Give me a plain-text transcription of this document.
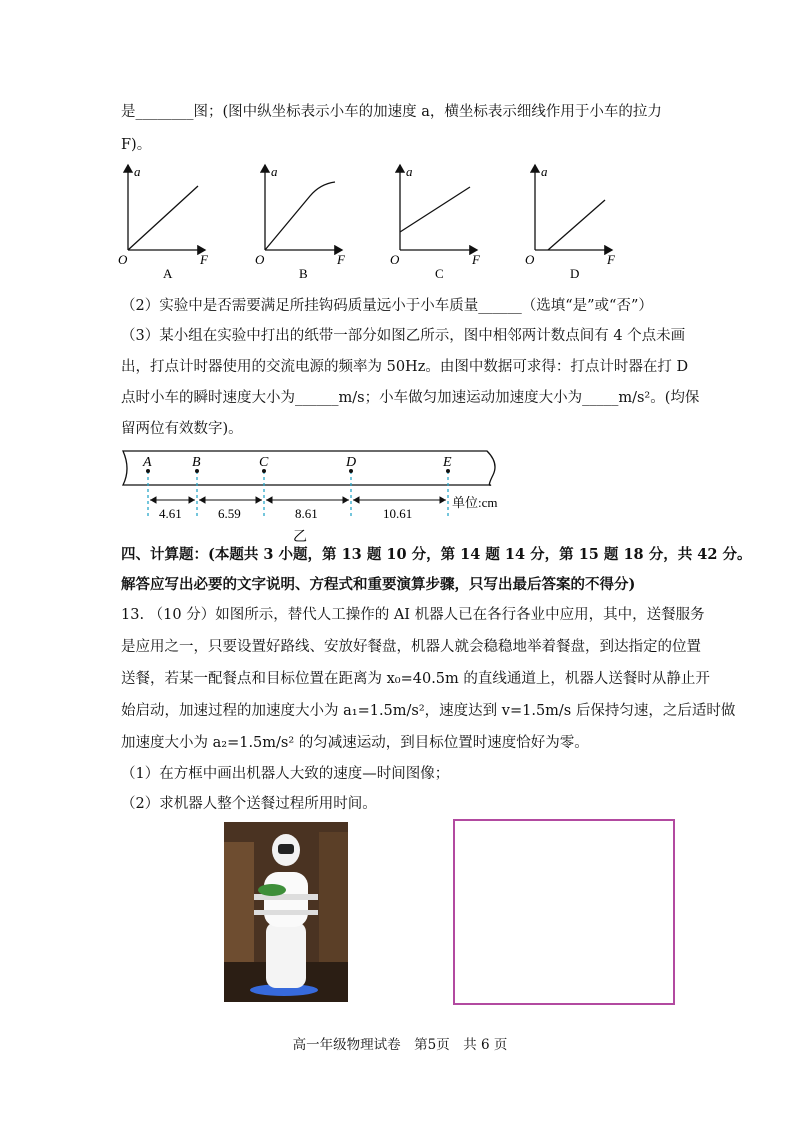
是________图；(图中纵坐标表示小车的加速度 a，横坐标表示细线作用于小车的拉力
F)。
a
O	F
A
a
O	F
B
a
O	F
C
a
O	F
D
（2）实验中是否需要满足所挂钩码质量远小于小车质量______（选填“是”或“否”）
（3）某小组在实验中打出的纸带一部分如图乙所示，图中相邻两计数点间有 4 个点未画
出，打点计时器使用的交流电源的频率为 50Hz。由图中数据可求得：打点计时器在打 D
点时小车的瞬时速度大小为______m/s；小车做匀加速运动加速度大小为_____m/s²。(均保
留两位有效数字)。
A	B	C	D	E
4.61	6.59	8.61	10.61
单位:cm
乙
四、计算题：(本题共 3 小题，第 13 题 10 分，第 14 题 14 分，第 15 题 18 分，共 42 分。
解答应写出必要的文字说明、方程式和重要演算步骤，只写出最后答案的不得分)
13. （10 分）如图所示，替代人工操作的 AI 机器人已在各行各业中应用，其中，送餐服务
是应用之一，只要设置好路线、安放好餐盘，机器人就会稳稳地举着餐盘，到达指定的位置
送餐，若某一配餐点和目标位置在距离为 x₀=40.5m 的直线通道上，机器人送餐时从静止开
始启动，加速过程的加速度大小为 a₁=1.5m/s²，速度达到 v=1.5m/s 后保持匀速，之后适时做
加速度大小为 a₂=1.5m/s² 的匀减速运动，到目标位置时速度恰好为零。
（1）在方框中画出机器人大致的速度—时间图像；
（2）求机器人整个送餐过程所用时间。
高一年级物理试卷　第5页　共 6 页
